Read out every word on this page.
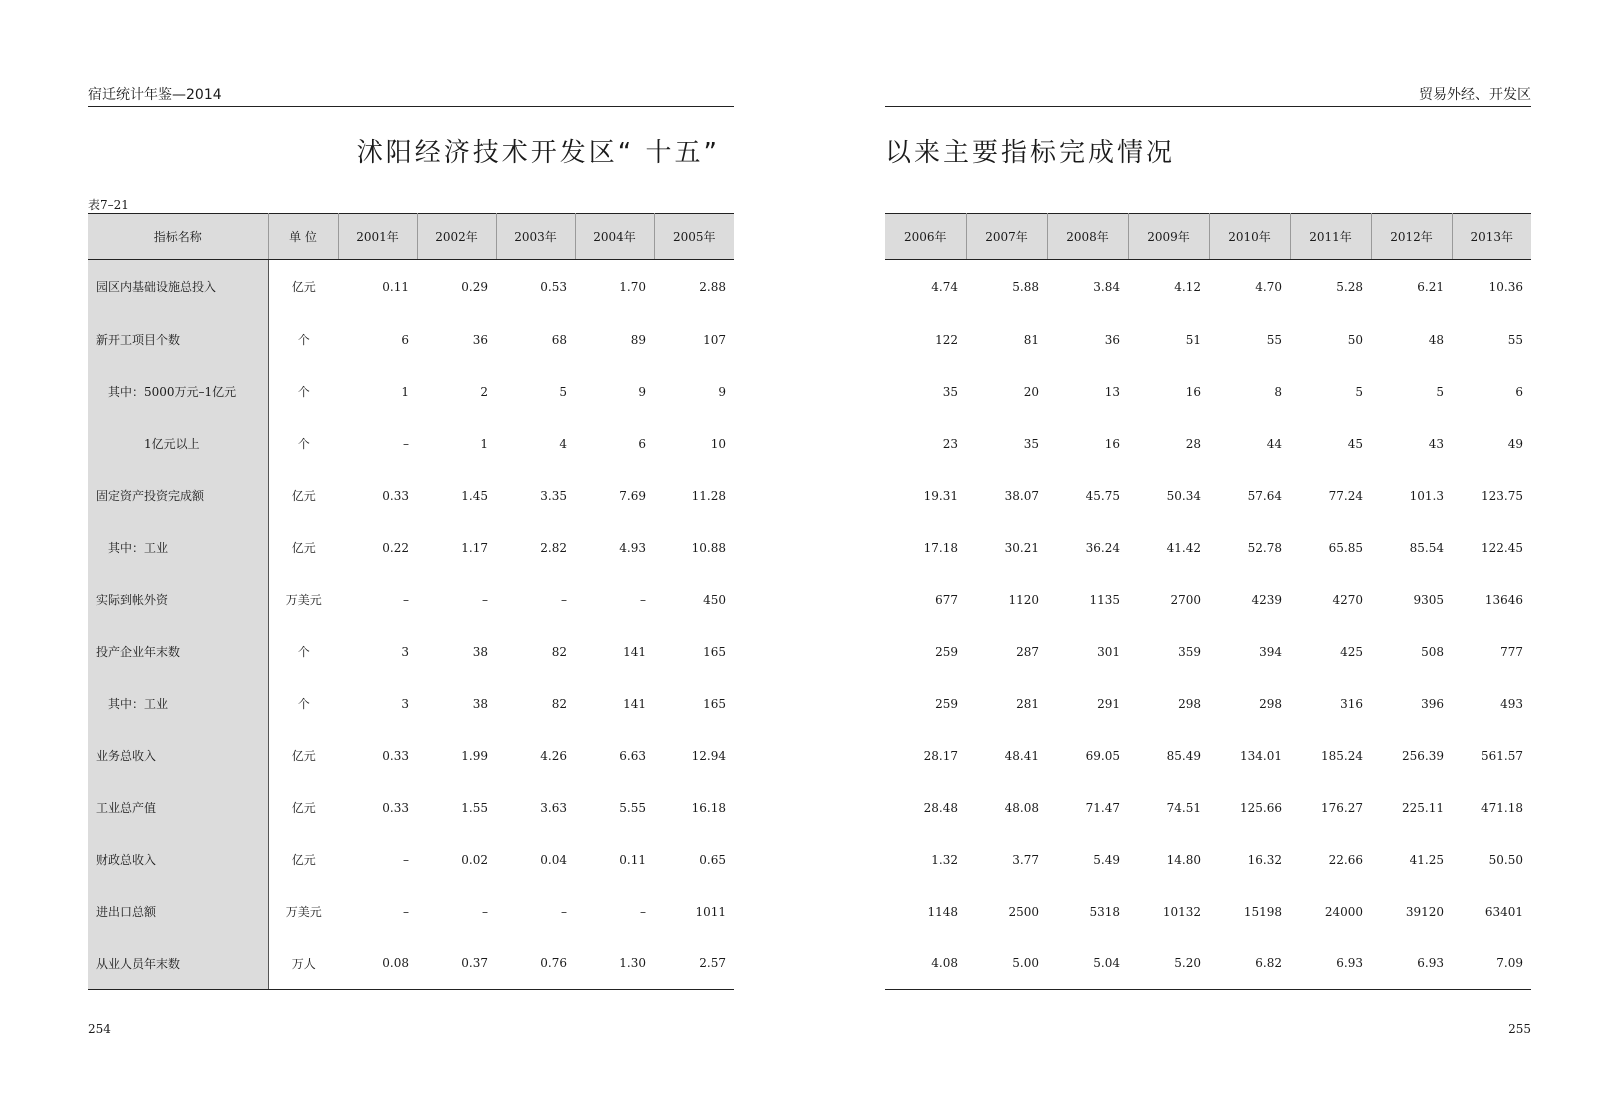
宿迁统计年鉴—2014
沭阳经济技术开发区“ 十五”
表7–21
指标名称	单 位	2001年	2002年	2003年	2004年	2005年
园区内基础设施总投入	亿元	0.11	0.29	0.53	1.70	2.88
新开工项目个数	个	6	36	68	89	107
其中：5000万元–1亿元	个	1	2	5	9	9
1亿元以上	个	–	1	4	6	10
固定资产投资完成额	亿元	0.33	1.45	3.35	7.69	11.28
其中：工业	亿元	0.22	1.17	2.82	4.93	10.88
实际到帐外资	万美元	–	–	–	–	450
投产企业年末数	个	3	38	82	141	165
其中：工业	个	3	38	82	141	165
业务总收入	亿元	0.33	1.99	4.26	6.63	12.94
工业总产值	亿元	0.33	1.55	3.63	5.55	16.18
财政总收入	亿元	–	0.02	0.04	0.11	0.65
进出口总额	万美元	–	–	–	–	1011
从业人员年末数	万人	0.08	0.37	0.76	1.30	2.57
254
贸易外经、开发区
以来主要指标完成情况
2006年	2007年	2008年	2009年	2010年	2011年	2012年	2013年
4.74	5.88	3.84	4.12	4.70	5.28	6.21	10.36
122	81	36	51	55	50	48	55
35	20	13	16	8	5	5	6
23	35	16	28	44	45	43	49
19.31	38.07	45.75	50.34	57.64	77.24	101.3	123.75
17.18	30.21	36.24	41.42	52.78	65.85	85.54	122.45
677	1120	1135	2700	4239	4270	9305	13646
259	287	301	359	394	425	508	777
259	281	291	298	298	316	396	493
28.17	48.41	69.05	85.49	134.01	185.24	256.39	561.57
28.48	48.08	71.47	74.51	125.66	176.27	225.11	471.18
1.32	3.77	5.49	14.80	16.32	22.66	41.25	50.50
1148	2500	5318	10132	15198	24000	39120	63401
4.08	5.00	5.04	5.20	6.82	6.93	6.93	7.09
255
